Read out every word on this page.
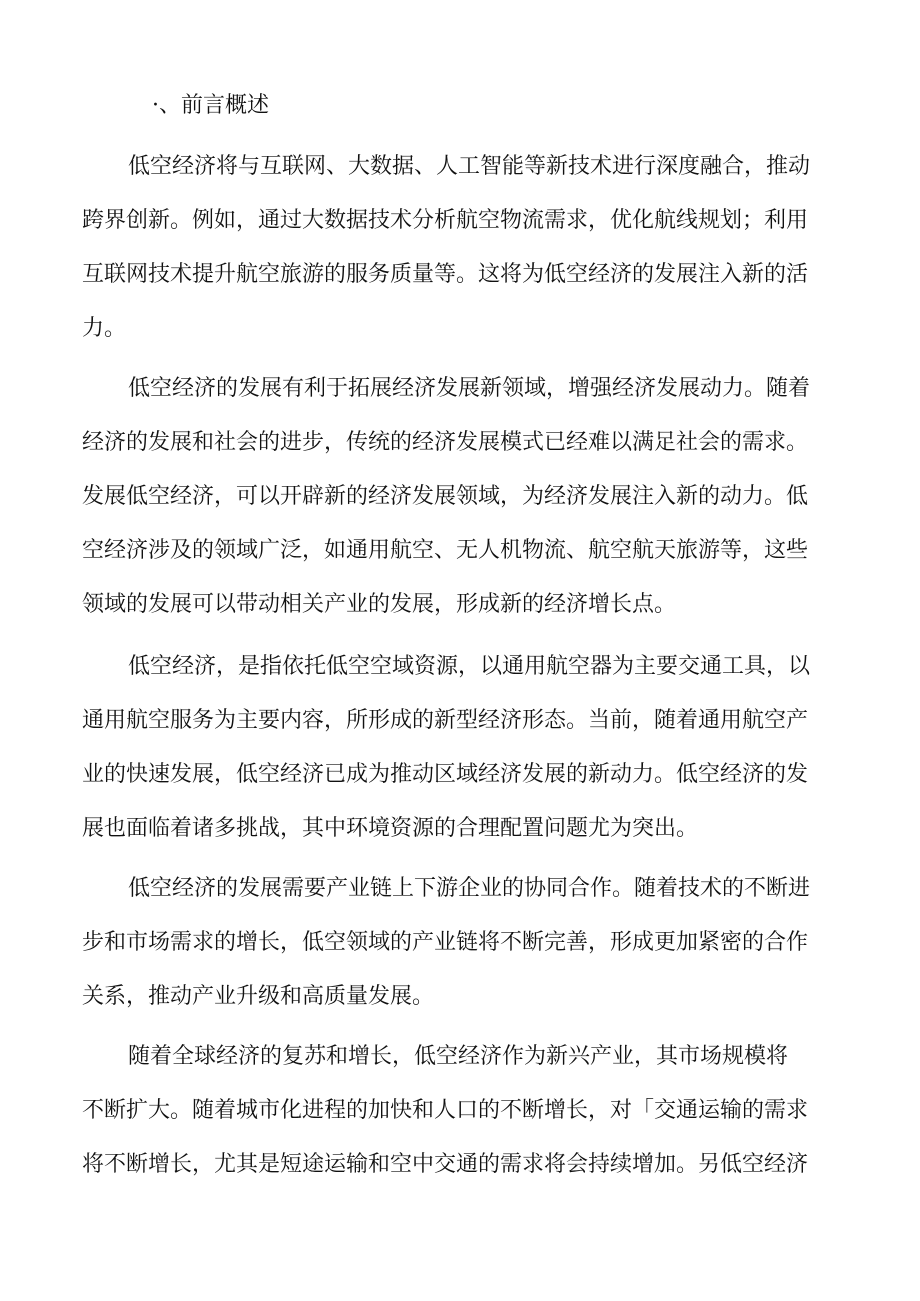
·、前言概述
低空经济将与互联网、大数据、人工智能等新技术进行深度融合，推动
跨界创新。例如，通过大数据技术分析航空物流需求，优化航线规划；利用
互联网技术提升航空旅游的服务质量等。这将为低空经济的发展注入新的活
力。
低空经济的发展有利于拓展经济发展新领域，增强经济发展动力。随着
经济的发展和社会的进步，传统的经济发展模式已经难以满足社会的需求。
发展低空经济，可以开辟新的经济发展领域，为经济发展注入新的动力。低
空经济涉及的领域广泛，如通用航空、无人机物流、航空航天旅游等，这些
领域的发展可以带动相关产业的发展，形成新的经济增长点。
低空经济，是指依托低空空域资源，以通用航空器为主要交通工具，以
通用航空服务为主要内容，所形成的新型经济形态。当前，随着通用航空产
业的快速发展，低空经济已成为推动区域经济发展的新动力。低空经济的发
展也面临着诸多挑战，其中环境资源的合理配置问题尤为突出。
低空经济的发展需要产业链上下游企业的协同合作。随着技术的不断进
步和市场需求的增长，低空领域的产业链将不断完善，形成更加紧密的合作
关系，推动产业升级和高质量发展。
随着全球经济的复苏和增长，低空经济作为新兴产业，其市场规模将
不断扩大。随着城市化进程的加快和人口的不断增长，对「交通运输的需求
将不断增长，尤其是短途运输和空中交通的需求将会持续增加。另低空经济
